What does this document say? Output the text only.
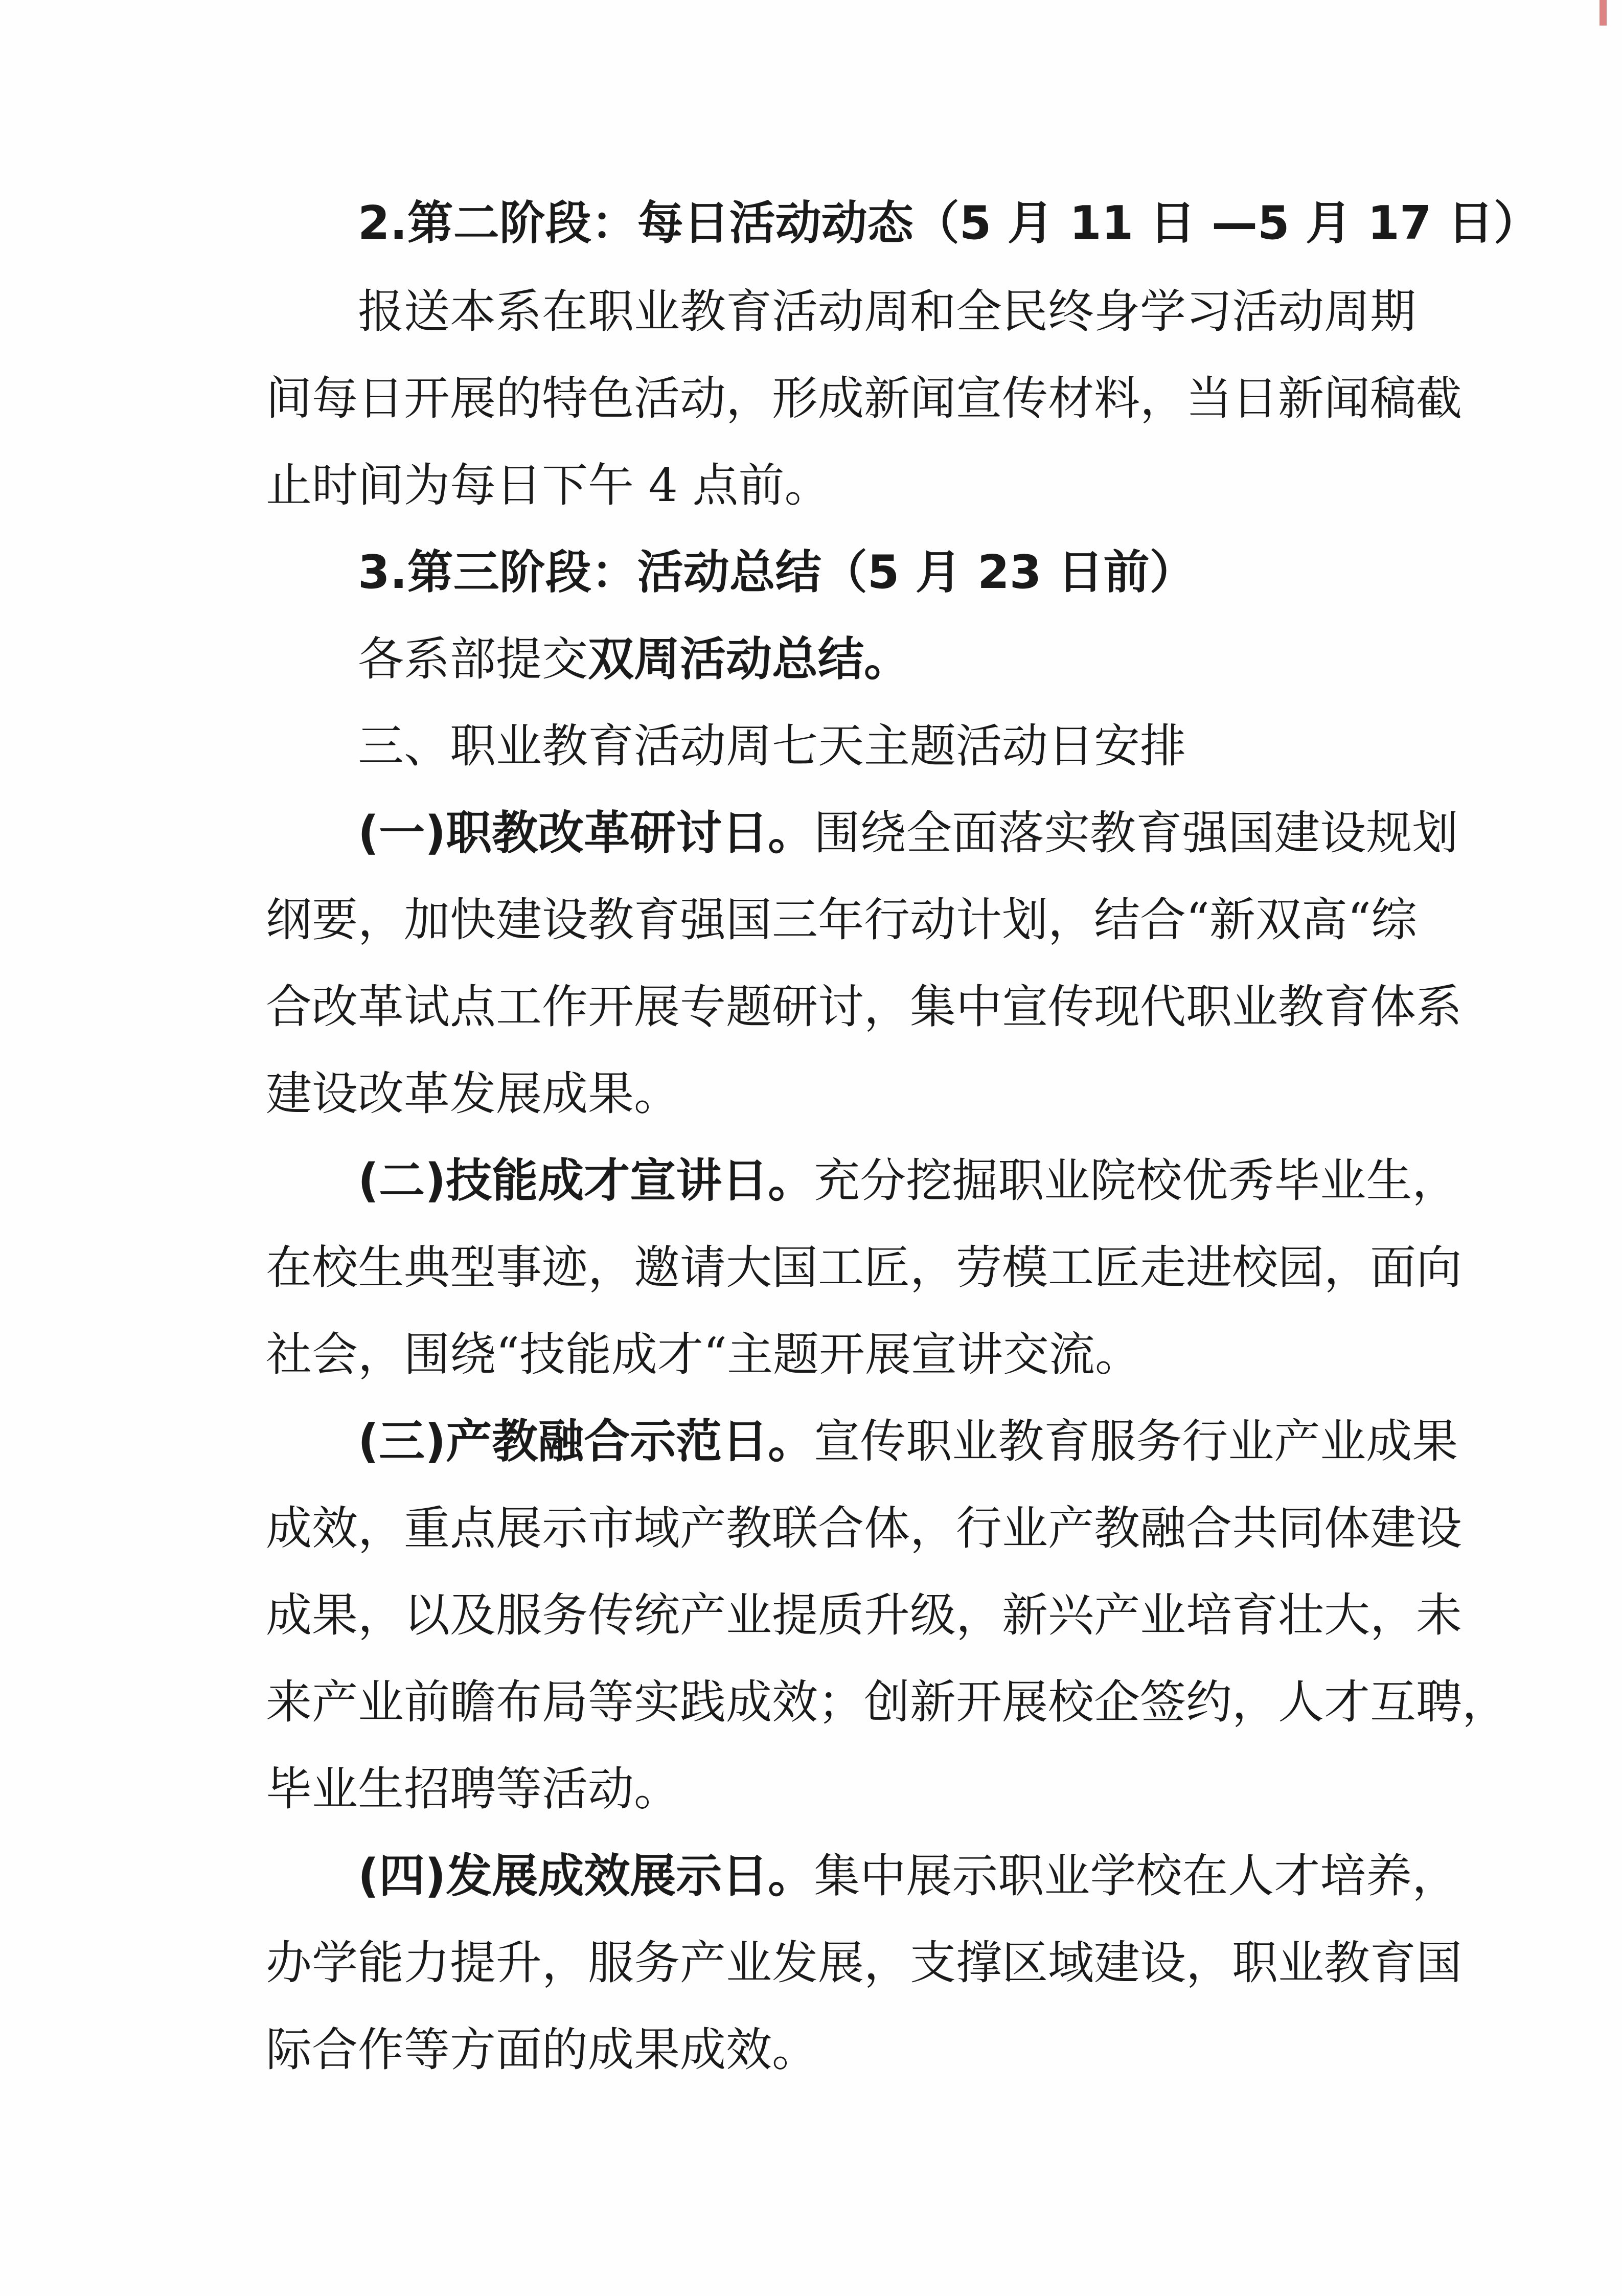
2.第二阶段：每日活动动态（5 月 11 日 —5 月 17 日）
报送本系在职业教育活动周和全民终身学习活动周期
间每日开展的特色活动，形成新闻宣传材料，当日新闻稿截
止时间为每日下午 4 点前。
3.第三阶段：活动总结（5 月 23 日前）
各系部提交双周活动总结。
三、职业教育活动周七天主题活动日安排
(一)职教改革研讨日。围绕全面落实教育强国建设规划
纲要，加快建设教育强国三年行动计划，结合“新双高“综
合改革试点工作开展专题研讨，集中宣传现代职业教育体系
建设改革发展成果。
(二)技能成才宣讲日。充分挖掘职业院校优秀毕业生，
在校生典型事迹，邀请大国工匠，劳模工匠走进校园，面向
社会，围绕“技能成才“主题开展宣讲交流。
(三)产教融合示范日。宣传职业教育服务行业产业成果
成效，重点展示市域产教联合体，行业产教融合共同体建设
成果，以及服务传统产业提质升级，新兴产业培育壮大，未
来产业前瞻布局等实践成效；创新开展校企签约，人才互聘，
毕业生招聘等活动。
(四)发展成效展示日。集中展示职业学校在人才培养，
办学能力提升，服务产业发展，支撑区域建设，职业教育国
际合作等方面的成果成效。
